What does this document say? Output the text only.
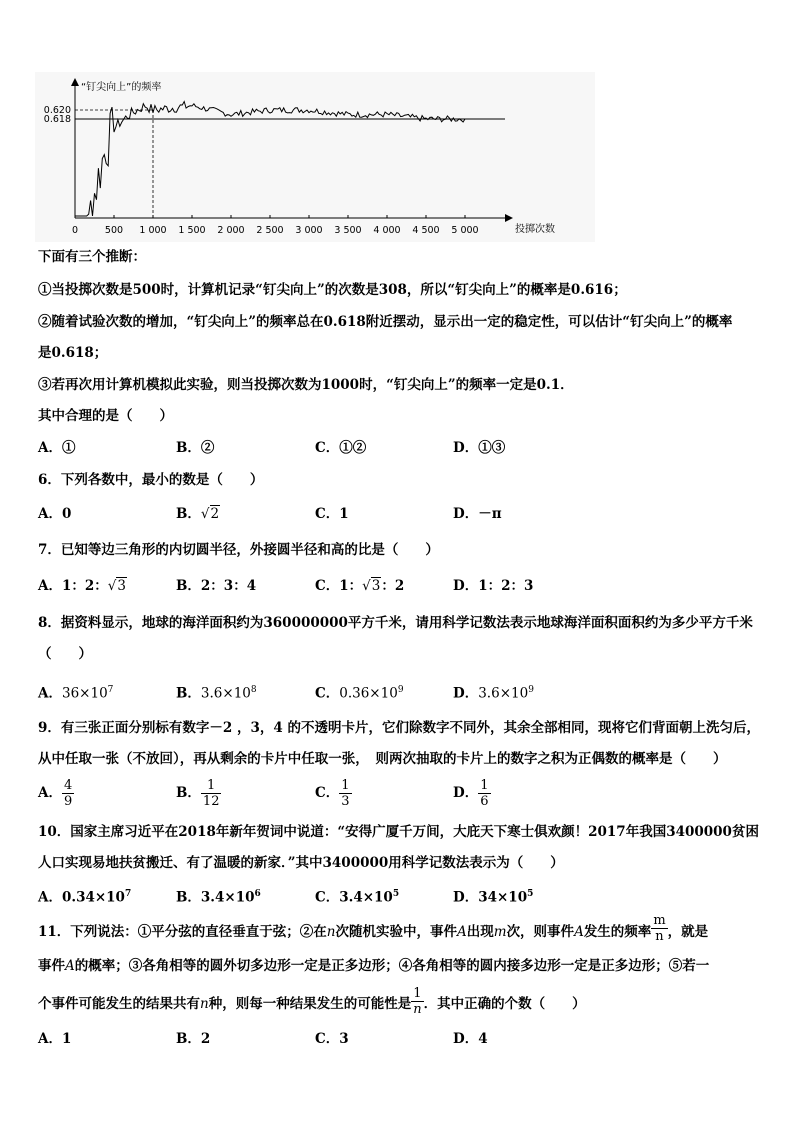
“钉尖向上”的频率
投掷次数
0	500 1 000 1 500 2 000 2 500 3 000 3 500 4 000 4 500 5 000
0.620
0.618
下面有三个推断：
①当投掷次数是500时，计算机记录“钉尖向上”的次数是308，所以“钉尖向上”的概率是0.616；
②随着试验次数的增加，“钉尖向上”的频率总在0.618附近摆动，显示出一定的稳定性，可以估计“钉尖向上”的概率
是0.618；
③若再次用计算机模拟此实验，则当投掷次数为1000时，“钉尖向上”的频率一定是0.1．
其中合理的是（　　）
A．①	B．②	C．①②	D．①③
6．下列各数中，最小的数是（　　）
A．0	B．√2	C．1	D．－π
7．已知等边三角形的内切圆半径，外接圆半径和高的比是（　　）
A．1：2：√3	B．2：3：4	C．1：√3：2	D．1：2：3
8．据资料显示，地球的海洋面积约为360000000平方千米，请用科学记数法表示地球海洋面积面积约为多少平方千米
（　　）
A．$36\times 10^7$	B．$3.6\times 10^8$	C．$0.36\times 10^9$	D．$3.6\times 10^9$
9．有三张正面分别标有数字－2 ，3，4 的不透明卡片，它们除数字不同外，其余全部相同，现将它们背面朝上洗匀后，
从中任取一张（不放回），再从剩余的卡片中任取一张，　则两次抽取的卡片上的数字之积为正偶数的概率是（　　）
A． $\frac{4}{9}$	B． $\frac{1}{12}$	C． $\frac{1}{3}$	D． $\frac{1}{6}$
10．国家主席习近平在2018年新年贺词中说道：“安得广厦千万间，大庇天下寒士俱欢颜！2017年我国3400000贫困
人口实现易地扶贫搬迁、有了温暖的新家．”其中3400000用科学记数法表示为（　　）
A．$0.34\times 10^7$	B．$3.4\times 10^6$	C．$3.4\times 10^5$	D．$34\times 10^5$
11．下列说法：①平分弦的直径垂直于弦；②在n次随机实验中，事件A出现m次，则事件A发生的频率 $\frac{m}{n}$ ，就是
事件A的概率；③各角相等的圆外切多边形一定是正多边形；④各角相等的圆内接多边形一定是正多边形；⑤若一
个事件可能发生的结果共有n种，则每一种结果发生的可能性是 $\frac{1}{n}$ ．其中正确的个数（　　）
A．1	B．2	C．3	D．4
